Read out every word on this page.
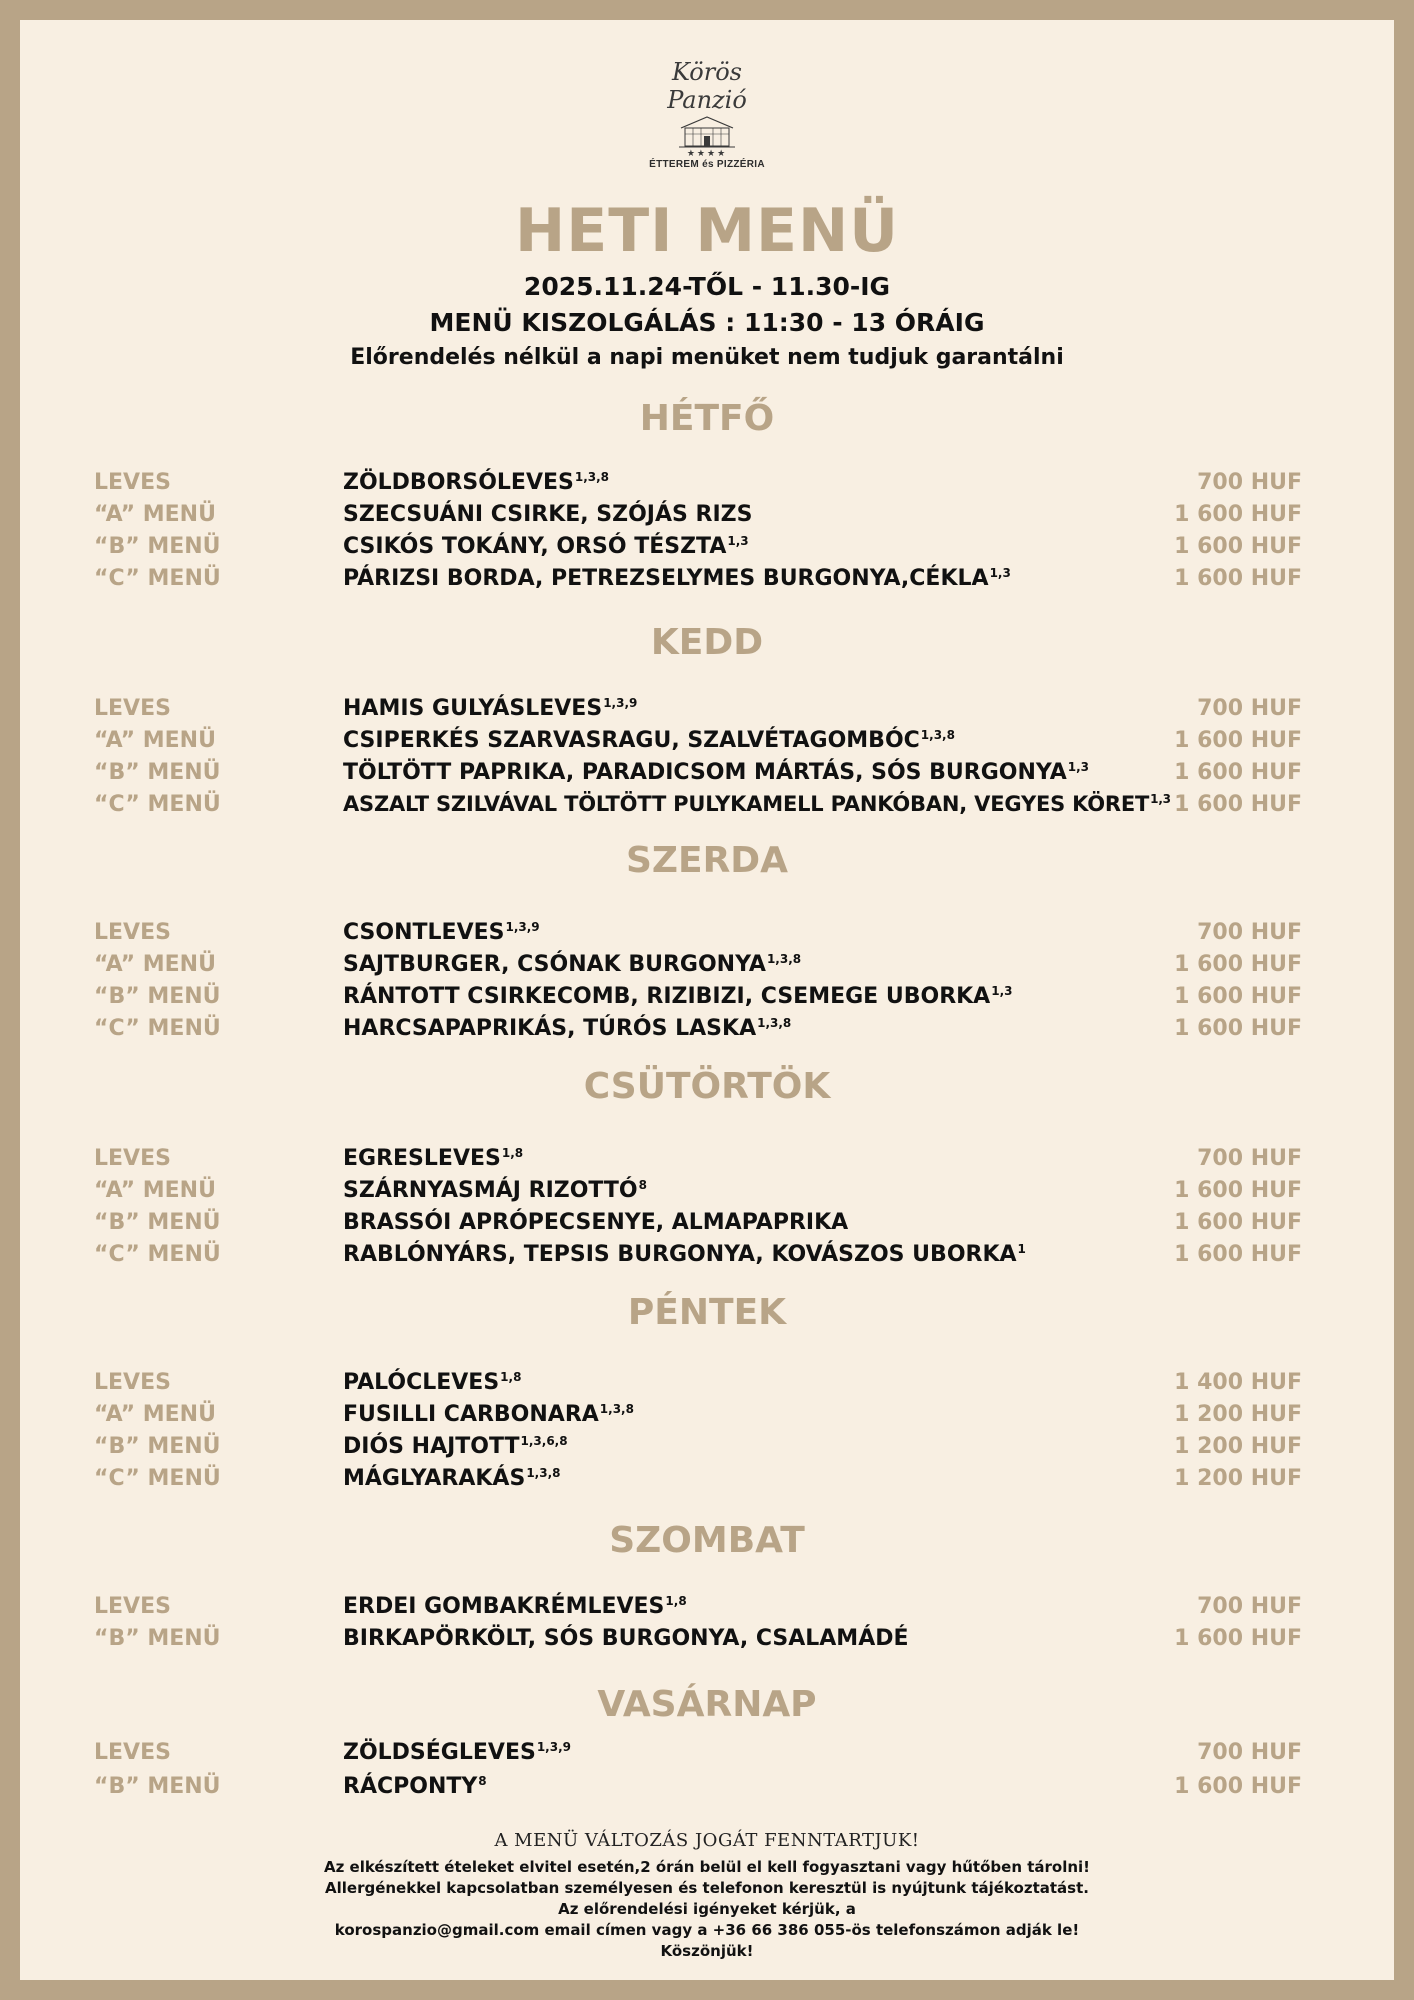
Körös Panzió
★★★★
ÉTTEREM és PIZZÉRIA
HETI MENÜ
2025.11.24-TŐL - 11.30-IG
MENÜ KISZOLGÁLÁS : 11:30 - 13 ÓRÁIG
Előrendelés nélkül a napi menüket nem tudjuk garantálni
HÉTFŐ
LEVES	ZÖLDBORSÓLEVES$^{1,3,8}$	700 HUF
“A” MENÜ	SZECSUÁNI CSIRKE, SZÓJÁS RIZS	1 600 HUF
“B” MENÜ	CSIKÓS TOKÁNY, ORSÓ TÉSZTA$^{1,3}$	1 600 HUF
“C” MENÜ	PÁRIZSI BORDA, PETREZSELYMES BURGONYA,CÉKLA$^{1,3}$	1 600 HUF
KEDD
LEVES	HAMIS GULYÁSLEVES$^{1,3,9}$	700 HUF
“A” MENÜ	CSIPERKÉS SZARVASRAGU, SZALVÉTAGOMBÓC$^{1,3,8}$	1 600 HUF
“B” MENÜ	TÖLTÖTT PAPRIKA, PARADICSOM MÁRTÁS, SÓS BURGONYA$^{1,3}$	1 600 HUF
“C” MENÜ	ASZALT SZILVÁVAL TÖLTÖTT PULYKAMELL PANKÓBAN, VEGYES KÖRET$^{1,3}$ 1 600 HUF
SZERDA
LEVES	CSONTLEVES$^{1,3,9}$	700 HUF
“A” MENÜ	SAJTBURGER, CSÓNAK BURGONYA$^{1,3,8}$	1 600 HUF
“B” MENÜ	RÁNTOTT CSIRKECOMB, RIZIBIZI, CSEMEGE UBORKA$^{1,3}$	1 600 HUF
“C” MENÜ	HARCSAPAPRIKÁS, TÚRÓS LASKA$^{1,3,8}$	1 600 HUF
CSÜTÖRTÖK
LEVES	EGRESLEVES$^{1,8}$	700 HUF
“A” MENÜ	SZÁRNYASMÁJ RIZOTTÓ$^8$	1 600 HUF
“B” MENÜ	BRASSÓI APRÓPECSENYE, ALMAPAPRIKA	1 600 HUF
“C” MENÜ	RABLÓNYÁRS, TEPSIS BURGONYA, KOVÁSZOS UBORKA$^1$	1 600 HUF
PÉNTEK
LEVES	PALÓCLEVES$^{1,8}$	1 400 HUF
“A” MENÜ	FUSILLI CARBONARA$^{1,3,8}$	1 200 HUF
“B” MENÜ	DIÓS HAJTOTT$^{1,3,6,8}$	1 200 HUF
“C” MENÜ	MÁGLYARAKÁS$^{1,3,8}$	1 200 HUF
SZOMBAT
LEVES	ERDEI GOMBAKRÉMLEVES$^{1,8}$	700 HUF
“B” MENÜ	BIRKAPÖRKÖLT, SÓS BURGONYA, CSALAMÁDÉ	1 600 HUF
VASÁRNAP
LEVES	ZÖLDSÉGLEVES$^{1,3,9}$	700 HUF
“B” MENÜ	RÁCPONTY$^8$	1 600 HUF
A MENÜ VÁLTOZÁS JOGÁT FENNTARTJUK!
Az elkészített ételeket elvitel esetén,2 órán belül el kell fogyasztani vagy hűtőben tárolni!
Allergénekkel kapcsolatban személyesen és telefonon keresztül is nyújtunk tájékoztatást.
Az előrendelési igényeket kérjük, a
korospanzio@gmail.com email címen vagy a +36 66 386 055-ös telefonszámon adják le!
Köszönjük!
